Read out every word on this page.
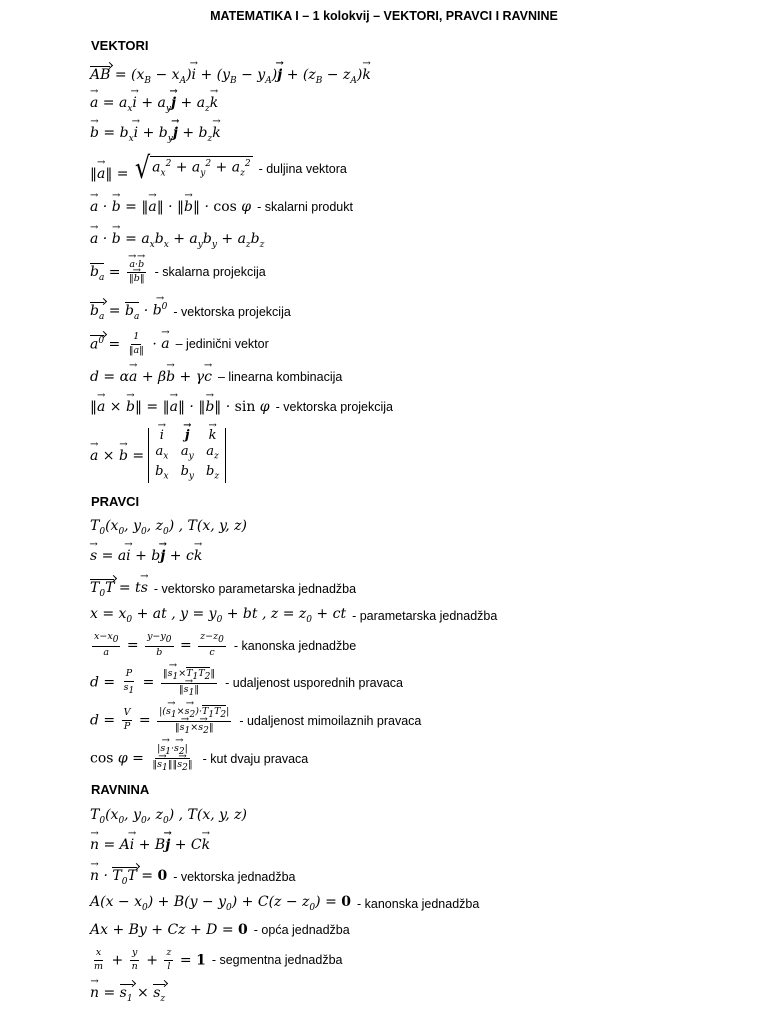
MATEMATIKA I – 1 kolokvij – VEKTORI, PRAVCI I RAVNINE
VEKTORI
AB = $(x_B - x_A)i$ → + $(y_B - y_A)j$ → + $(z_B - z_A)k$ →
a → = $a_xi$ → + $a_yj$ → + $a_zk$ →
b → = $b_xi$ → + $b_yj$ → + $b_zk$ →
‖a →‖ = √ $a_x^2 + a_y^2 + a_z^2$ - duljina vektora
a → · b → = ‖a →‖ · ‖b →‖ · cos φ - skalarni produkt
a → · b → = $a_xb_x + a_yb_y + a_zb_z$
$b_a = \frac{a \to\cdot b \to}{‖b \to‖}$ - skalarna projekcija
$b_a = b_a \cdot b^0$ → - vektorska projekcija
$a^0 = \frac{1}{‖a‖} \cdot a$ → – jedinični vektor
d = αa → + βb → + γc → – linearna kombinacija
‖a → × b →‖ = ‖a →‖ · ‖b →‖ · sin φ - vektorska projekcija
a → × b → =
i →	j →	k →
$a_x$	$a_y$	$a_z$
$b_x$	$b_y$	$b_z$
PRAVCI
$T_0(x_0$, $y_0$, $z_0$) , T(x, y, z)
s → = ai → + bj → + ck →
$T_0T$ = ts → - vektorsko parametarska jednadžba
$x = x_0$ + at , $y = y_0$ + bt , $z = z_0$ + ct - parametarska jednadžba
$\frac{x-x_0}{a} = \frac{y-y_0}{b} = \frac{z-z_0}{c}$ - kanonska jednadžbe
$d = \frac{P}{s_1} = \frac{‖s_1 \to\times T_1T_2‖}{‖s_1 \to‖}$ - udaljenost usporednih pravaca
$d = \frac{V}{P} = \frac{|(s_1 \to\times s_2 \to)\cdot T_1T_2|}{‖s_1 \to\times s_2 \to‖}$ - udaljenost mimoilaznih pravaca
$\cos \varphi = \frac{|s_1 \to\cdot s_2 \to|}{‖s_1 \to‖‖s_2 \to‖}$ - kut dvaju pravaca
RAVNINA
$T_0(x_0$, $y_0$, $z_0$) , T(x, y, z)
n → = Ai → + Bj → + Ck →
n → · $T_0T = 0$ - vektorska jednadžba
$A(x - x_0) + B(y - y_0) + C(z - z_0) = 0$ - kanonska jednadžba
Ax + By + Cz + D = 0 - opća jednadžba
$\frac{x}{m} + \frac{y}{n} + \frac{z}{l} = 1$ - segmentna jednadžba
n → = $s_1 \times s_z$
